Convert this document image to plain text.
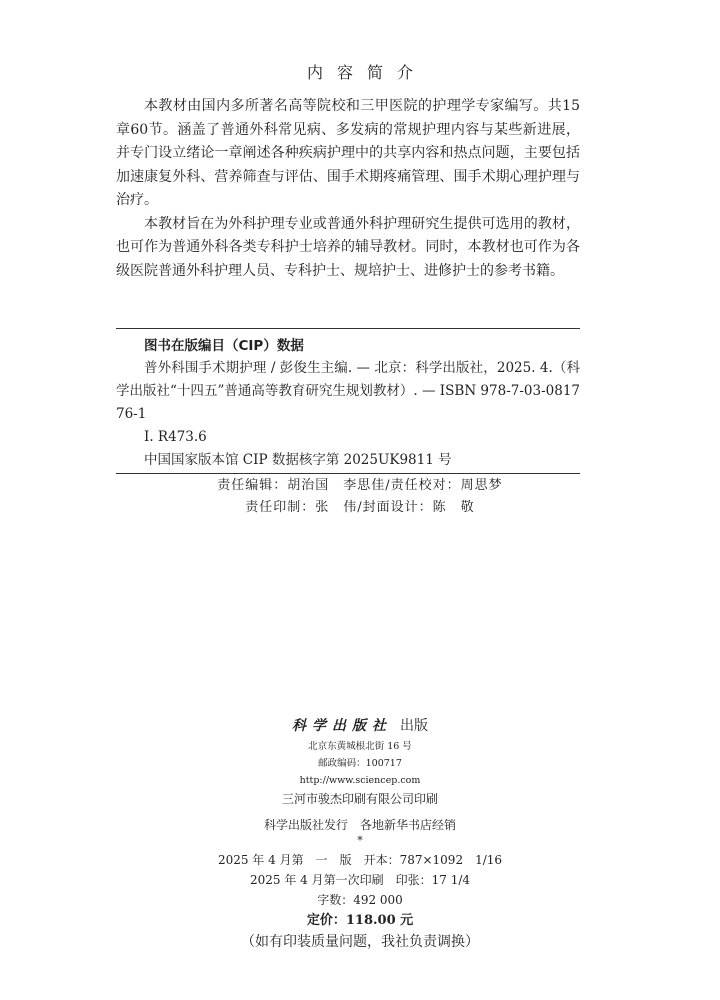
内容简介

本教材由国内多所著名高等院校和三甲医院的护理学专家编写。共15章60节。涵盖了普通外科常见病、多发病的常规护理内容与某些新进展，并专门设立绪论一章阐述各种疾病护理中的共享内容和热点问题，主要包括加速康复外科、营养筛查与评估、围手术期疼痛管理、围手术期心理护理与治疗。

本教材旨在为外科护理专业或普通外科护理研究生提供可选用的教材，也可作为普通外科各类专科护士培养的辅导教材。同时，本教材也可作为各级医院普通外科护理人员、专科护士、规培护士、进修护士的参考书籍。

图书在版编目（CIP）数据
普外科围手术期护理 / 彭俊生主编. — 北京：科学出版社，2025. 4.（科学出版社“十四五”普通高等教育研究生规划教材）. — ISBN 978-7-03-081776-1
Ⅰ. R473.6
中国国家版本馆 CIP 数据核字第 2025UK9811 号
责任编辑：胡治国　李思佳/责任校对：周思梦
责任印制：张　伟/封面设计：陈　敬
科学出版社 出版
北京东黄城根北街 16 号
邮政编码：100717
http://www.sciencep.com
三河市骏杰印刷有限公司印刷
科学出版社发行　各地新华书店经销
*
2025 年 4 月第　一　版 开本：787×1092　1/16
2025 年 4 月第一次印刷 印张：17 1/4
字数：492 000
定价：118.00 元
（如有印装质量问题，我社负责调换）
